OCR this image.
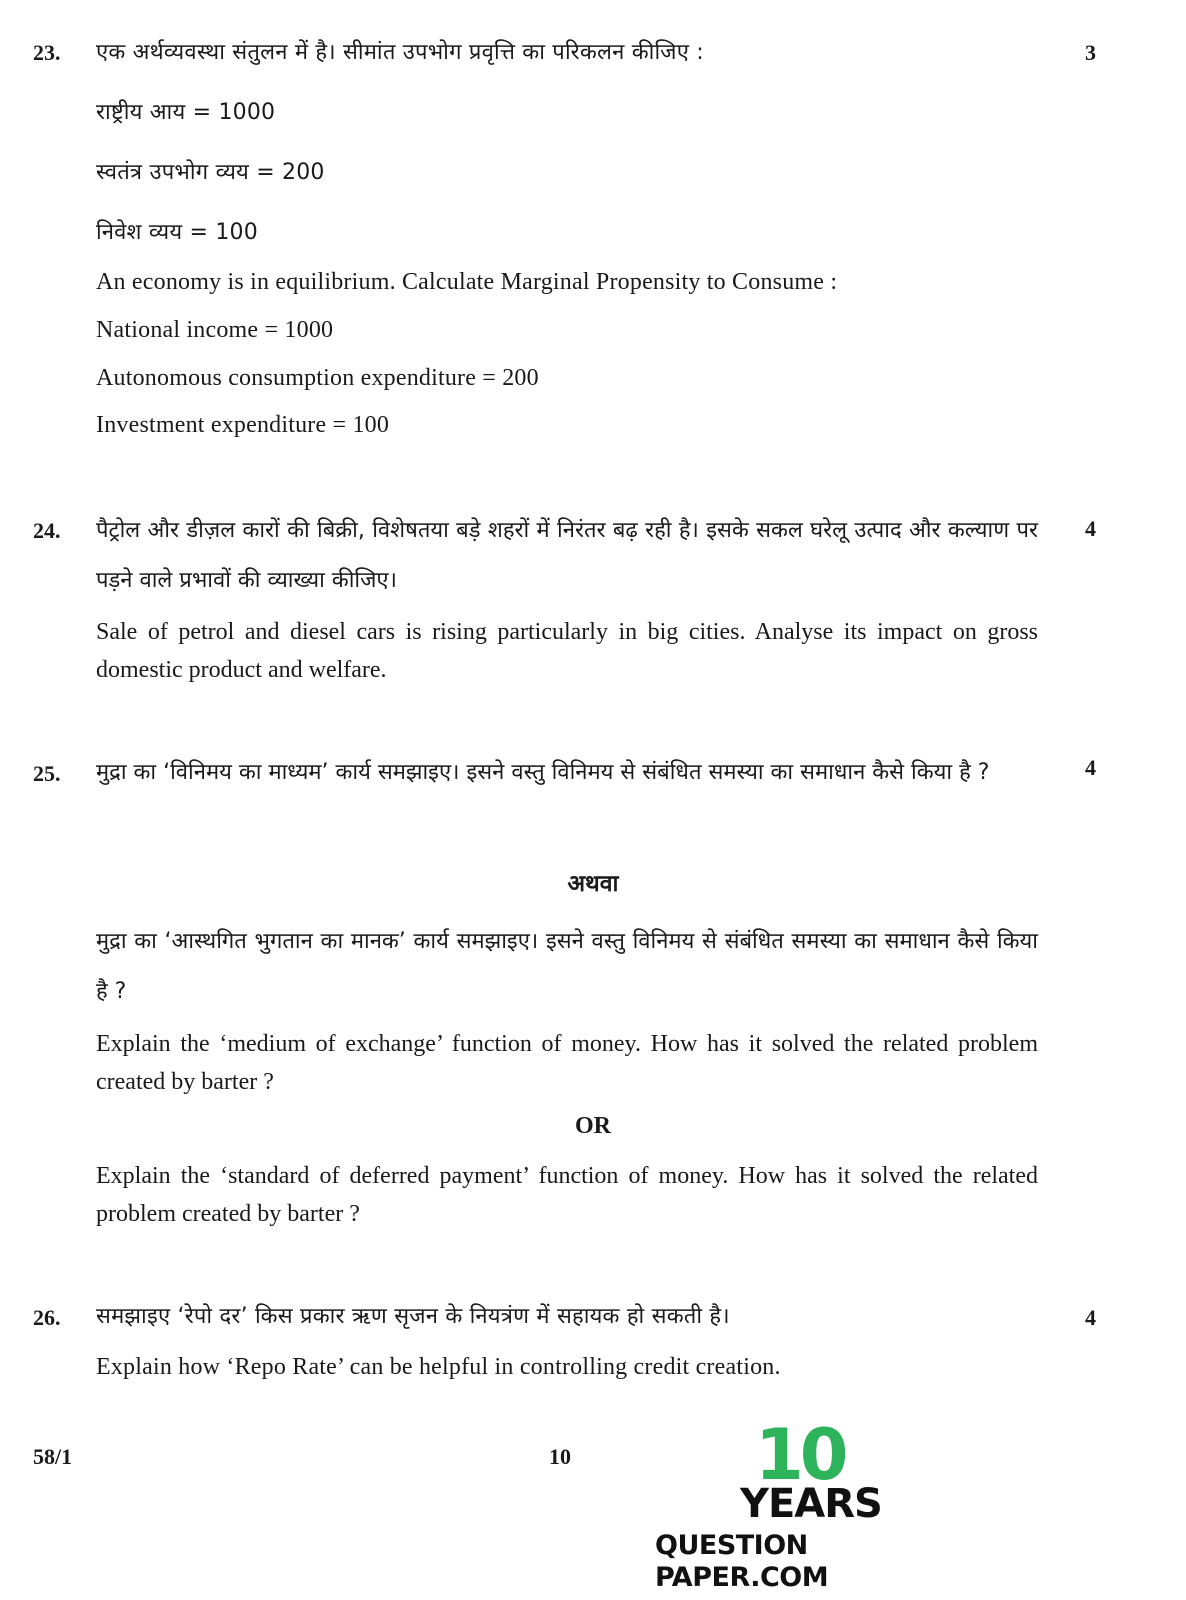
23.	3
एक अर्थव्यवस्था संतुलन में है। सीमांत उपभोग प्रवृत्ति का परिकलन कीजिए :
राष्ट्रीय आय = 1000
स्वतंत्र उपभोग व्यय = 200
निवेश व्यय = 100
An economy is in equilibrium. Calculate Marginal Propensity to Consume :
National income = 1000
Autonomous consumption expenditure = 200
Investment expenditure = 100
24.	4
पैट्रोल और डीज़ल कारों की बिक्री, विशेषतया बड़े शहरों में निरंतर बढ़ रही है। इसके सकल घरेलू उत्पाद और कल्याण पर पड़ने वाले प्रभावों की व्याख्या कीजिए।
Sale of petrol and diesel cars is rising particularly in big cities. Analyse its impact on gross domestic product and welfare.
25.	4
मुद्रा का ‘विनिमय का माध्यम’ कार्य समझाइए। इसने वस्तु विनिमय से संबंधित समस्या का समाधान कैसे किया है ?
अथवा
मुद्रा का ‘आस्थगित भुगतान का मानक’ कार्य समझाइए। इसने वस्तु विनिमय से संबंधित समस्या का समाधान कैसे किया है ?
Explain the ‘medium of exchange’ function of money. How has it solved the related problem created by barter ?
OR
Explain the ‘standard of deferred payment’ function of money. How has it solved the related problem created by barter ?
26.	4
समझाइए ‘रेपो दर’ किस प्रकार ऋण सृजन के नियत्रंण में सहायक हो सकती है।
Explain how ‘Repo Rate’ can be helpful in controlling credit creation.
58/1	10	10
YEARS
QUESTION PAPER.COM
